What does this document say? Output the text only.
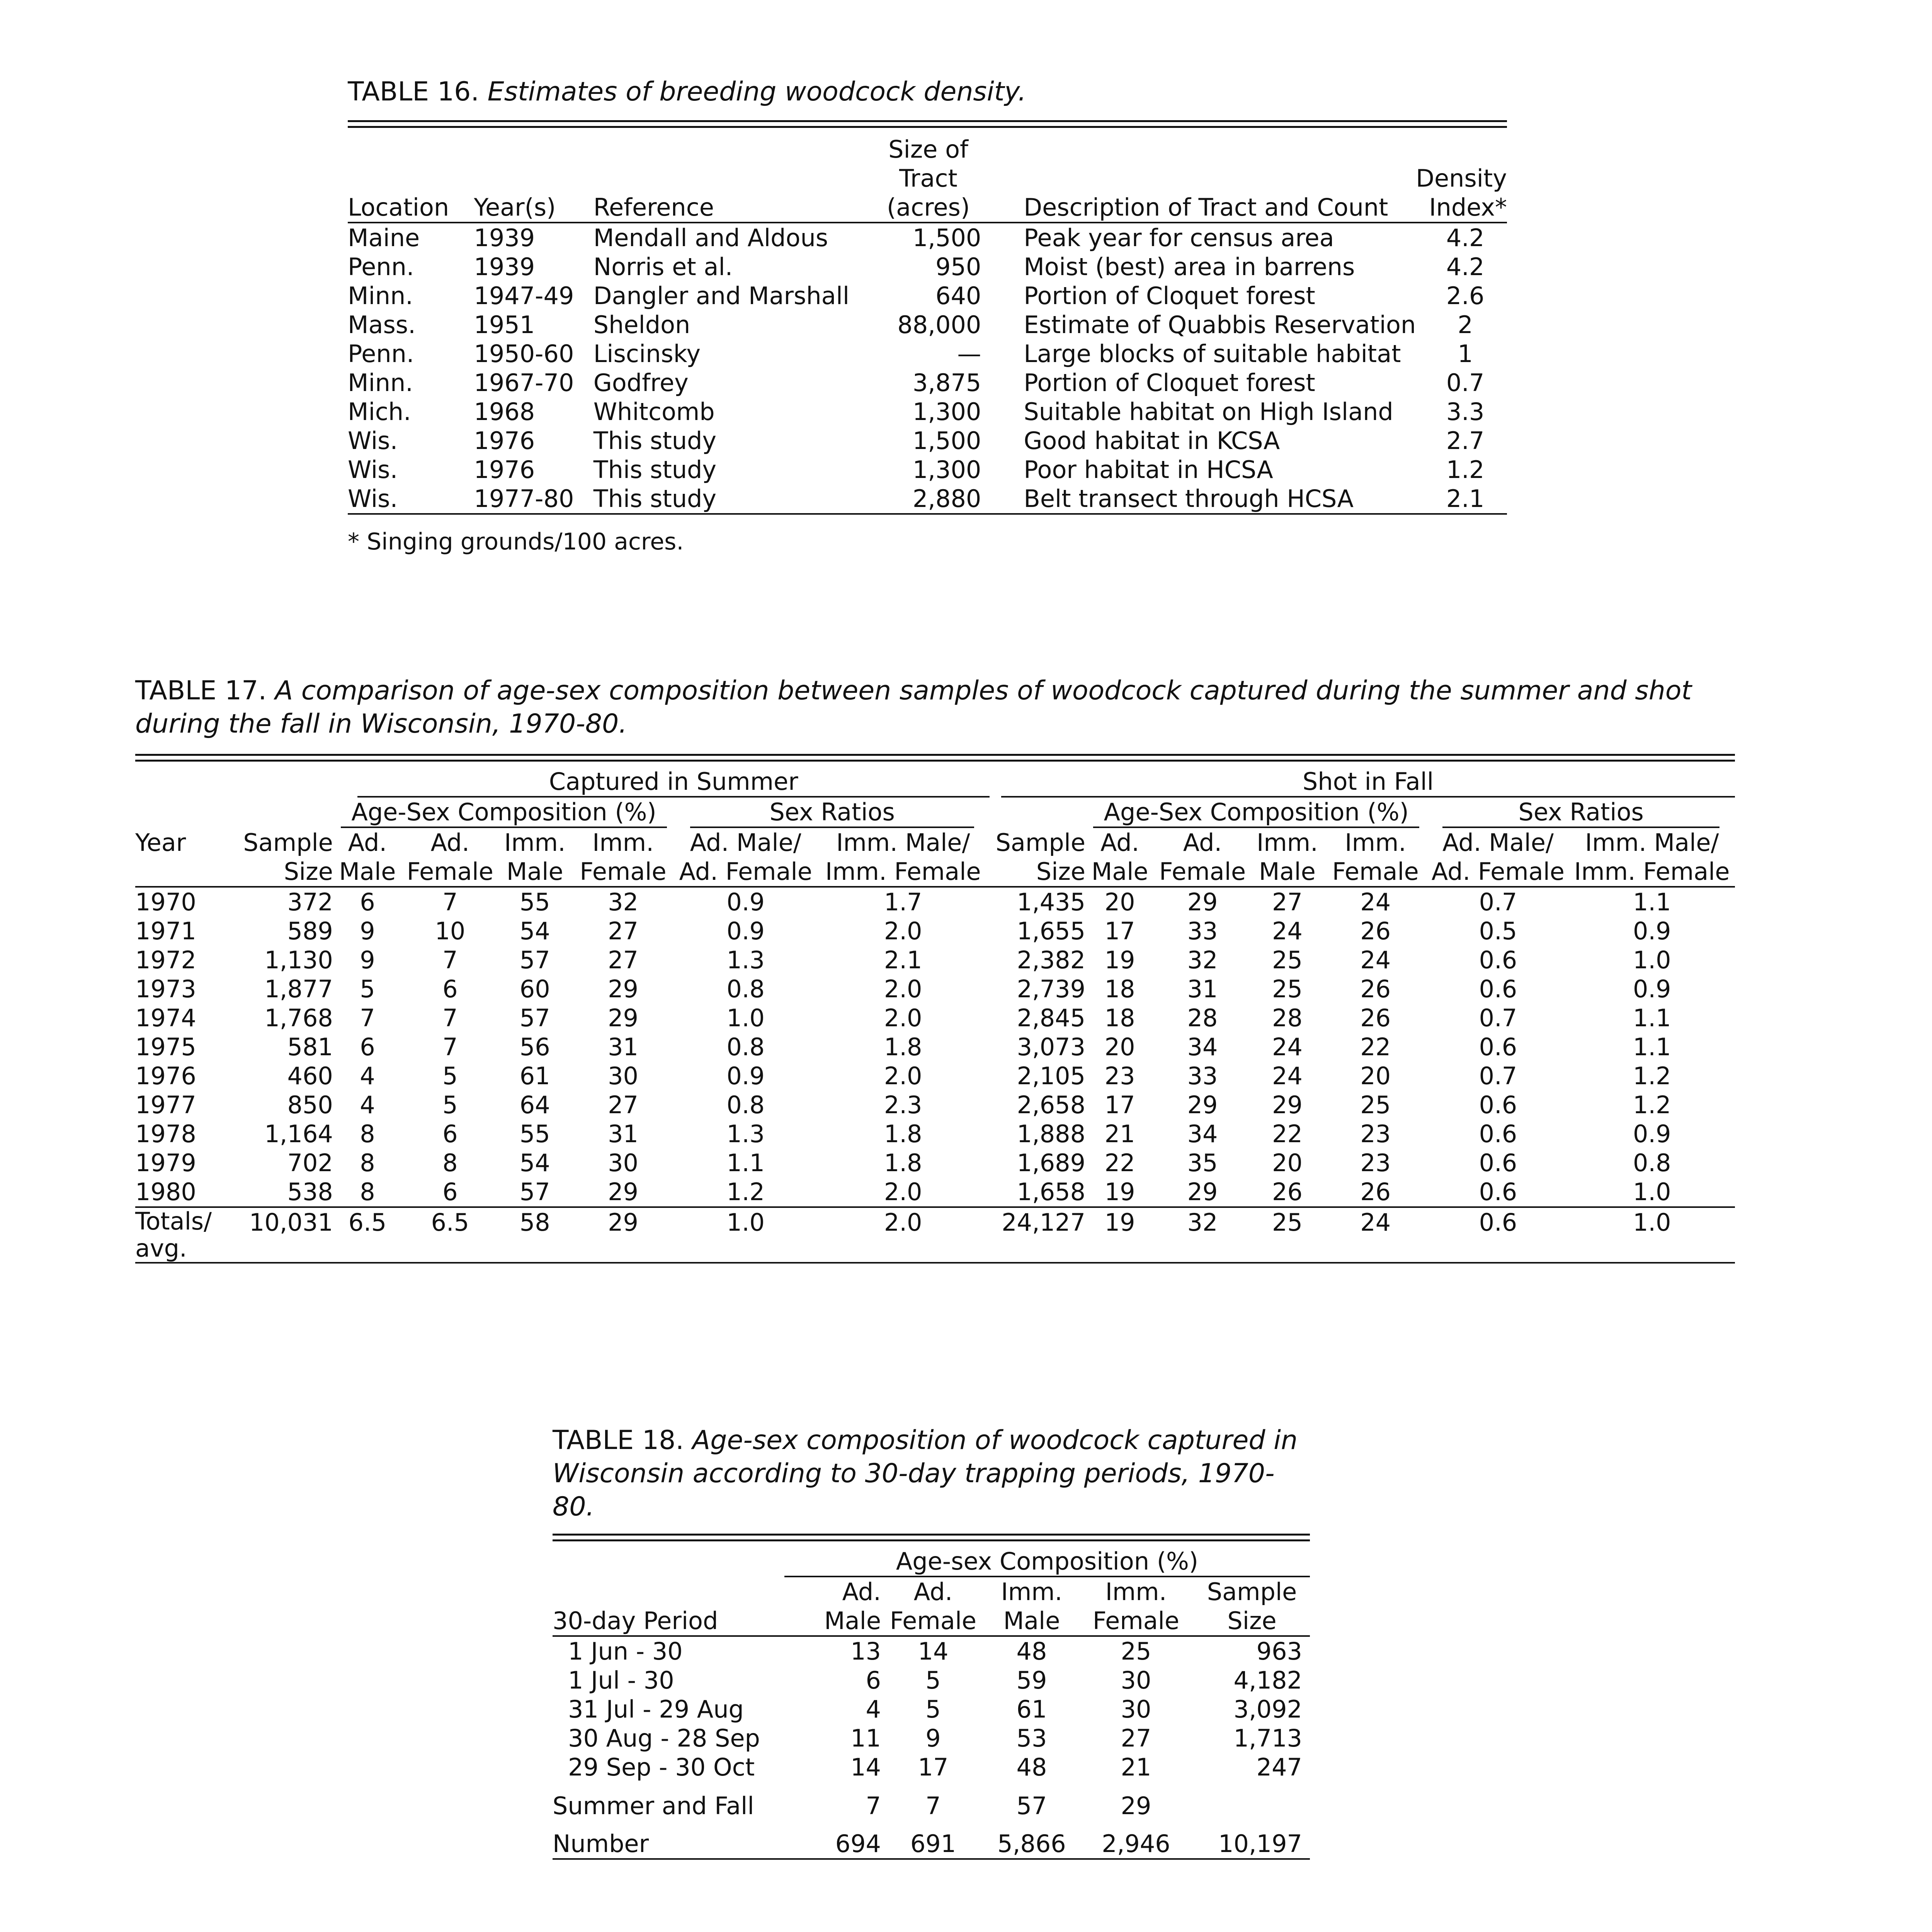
TABLE 16. Estimates of breeding woodcock density.

			Size of		
			Tract		Density
Location	Year(s)	Reference	(acres)	Description of Tract and Count	Index*
Maine	1939	Mendall and Aldous	1,500	Peak year for census area	4.2
Penn.	1939	Norris et al.	950	Moist (best) area in barrens	4.2
Minn.	1947-49	Dangler and Marshall	640	Portion of Cloquet forest	2.6
Mass.	1951	Sheldon	88,000	Estimate of Quabbis Reservation	2
Penn.	1950-60	Liscinsky	—	Large blocks of suitable habitat	1
Minn.	1967-70	Godfrey	3,875	Portion of Cloquet forest	0.7
Mich.	1968	Whitcomb	1,300	Suitable habitat on High Island	3.3
Wis.	1976	This study	1,500	Good habitat in KCSA	2.7
Wis.	1976	This study	1,300	Poor habitat in HCSA	1.2
Wis.	1977-80	This study	2,880	Belt transect through HCSA	2.1
* Singing grounds/100 acres.

TABLE 17. A comparison of age-sex composition between samples of woodcock captured during the summer and shot during the fall in Wisconsin, 1970-80.

	Captured in Summer							Shot in Fall						

		Age-Sex Composition (%)				Sex Ratios			Age-Sex Composition (%)				Sex Ratios	

Year	Sample	Ad.	Ad.	Imm.	Imm.	Ad. Male/	Imm. Male/	Sample	Ad.	Ad.	Imm.	Imm.	Ad. Male/	Imm. Male/
	Size	Male	Female	Male	Female	Ad. Female	Imm. Female	Size	Male	Female	Male	Female	Ad. Female	Imm. Female
1970	372	6	7	55	32	0.9	1.7	1,435	20	29	27	24	0.7	1.1
1971	589	9	10	54	27	0.9	2.0	1,655	17	33	24	26	0.5	0.9
1972	1,130	9	7	57	27	1.3	2.1	2,382	19	32	25	24	0.6	1.0
1973	1,877	5	6	60	29	0.8	2.0	2,739	18	31	25	26	0.6	0.9
1974	1,768	7	7	57	29	1.0	2.0	2,845	18	28	28	26	0.7	1.1
1975	581	6	7	56	31	0.8	1.8	3,073	20	34	24	22	0.6	1.1
1976	460	4	5	61	30	0.9	2.0	2,105	23	33	24	20	0.7	1.2
1977	850	4	5	64	27	0.8	2.3	2,658	17	29	29	25	0.6	1.2
1978	1,164	8	6	55	31	1.3	1.8	1,888	21	34	22	23	0.6	0.9
1979	702	8	8	54	30	1.1	1.8	1,689	22	35	20	23	0.6	0.8
1980	538	8	6	57	29	1.2	2.0	1,658	19	29	26	26	0.6	1.0
Totals/
avg.	10,031	6.5	6.5	58	29	1.0	2.0	24,127	19	32	25	24	0.6	1.0

TABLE 18. Age-sex composition of woodcock captured in
Wisconsin according to 30-day trapping periods, 1970-80.

	Age-sex Composition (%)				

	Ad.	Ad.	Imm.	Imm.	Sample
30-day Period	Male	Female	Male	Female	Size
1 Jun - 30	13	14	48	25	963
1 Jul - 30	6	5	59	30	4,182
31 Jul - 29 Aug	4	5	61	30	3,092
30 Aug - 28 Sep	11	9	53	27	1,713
29 Sep - 30 Oct	14	17	48	21	247
Summer and Fall	7	7	57	29	
Number	694	691	5,866	2,946	10,197
